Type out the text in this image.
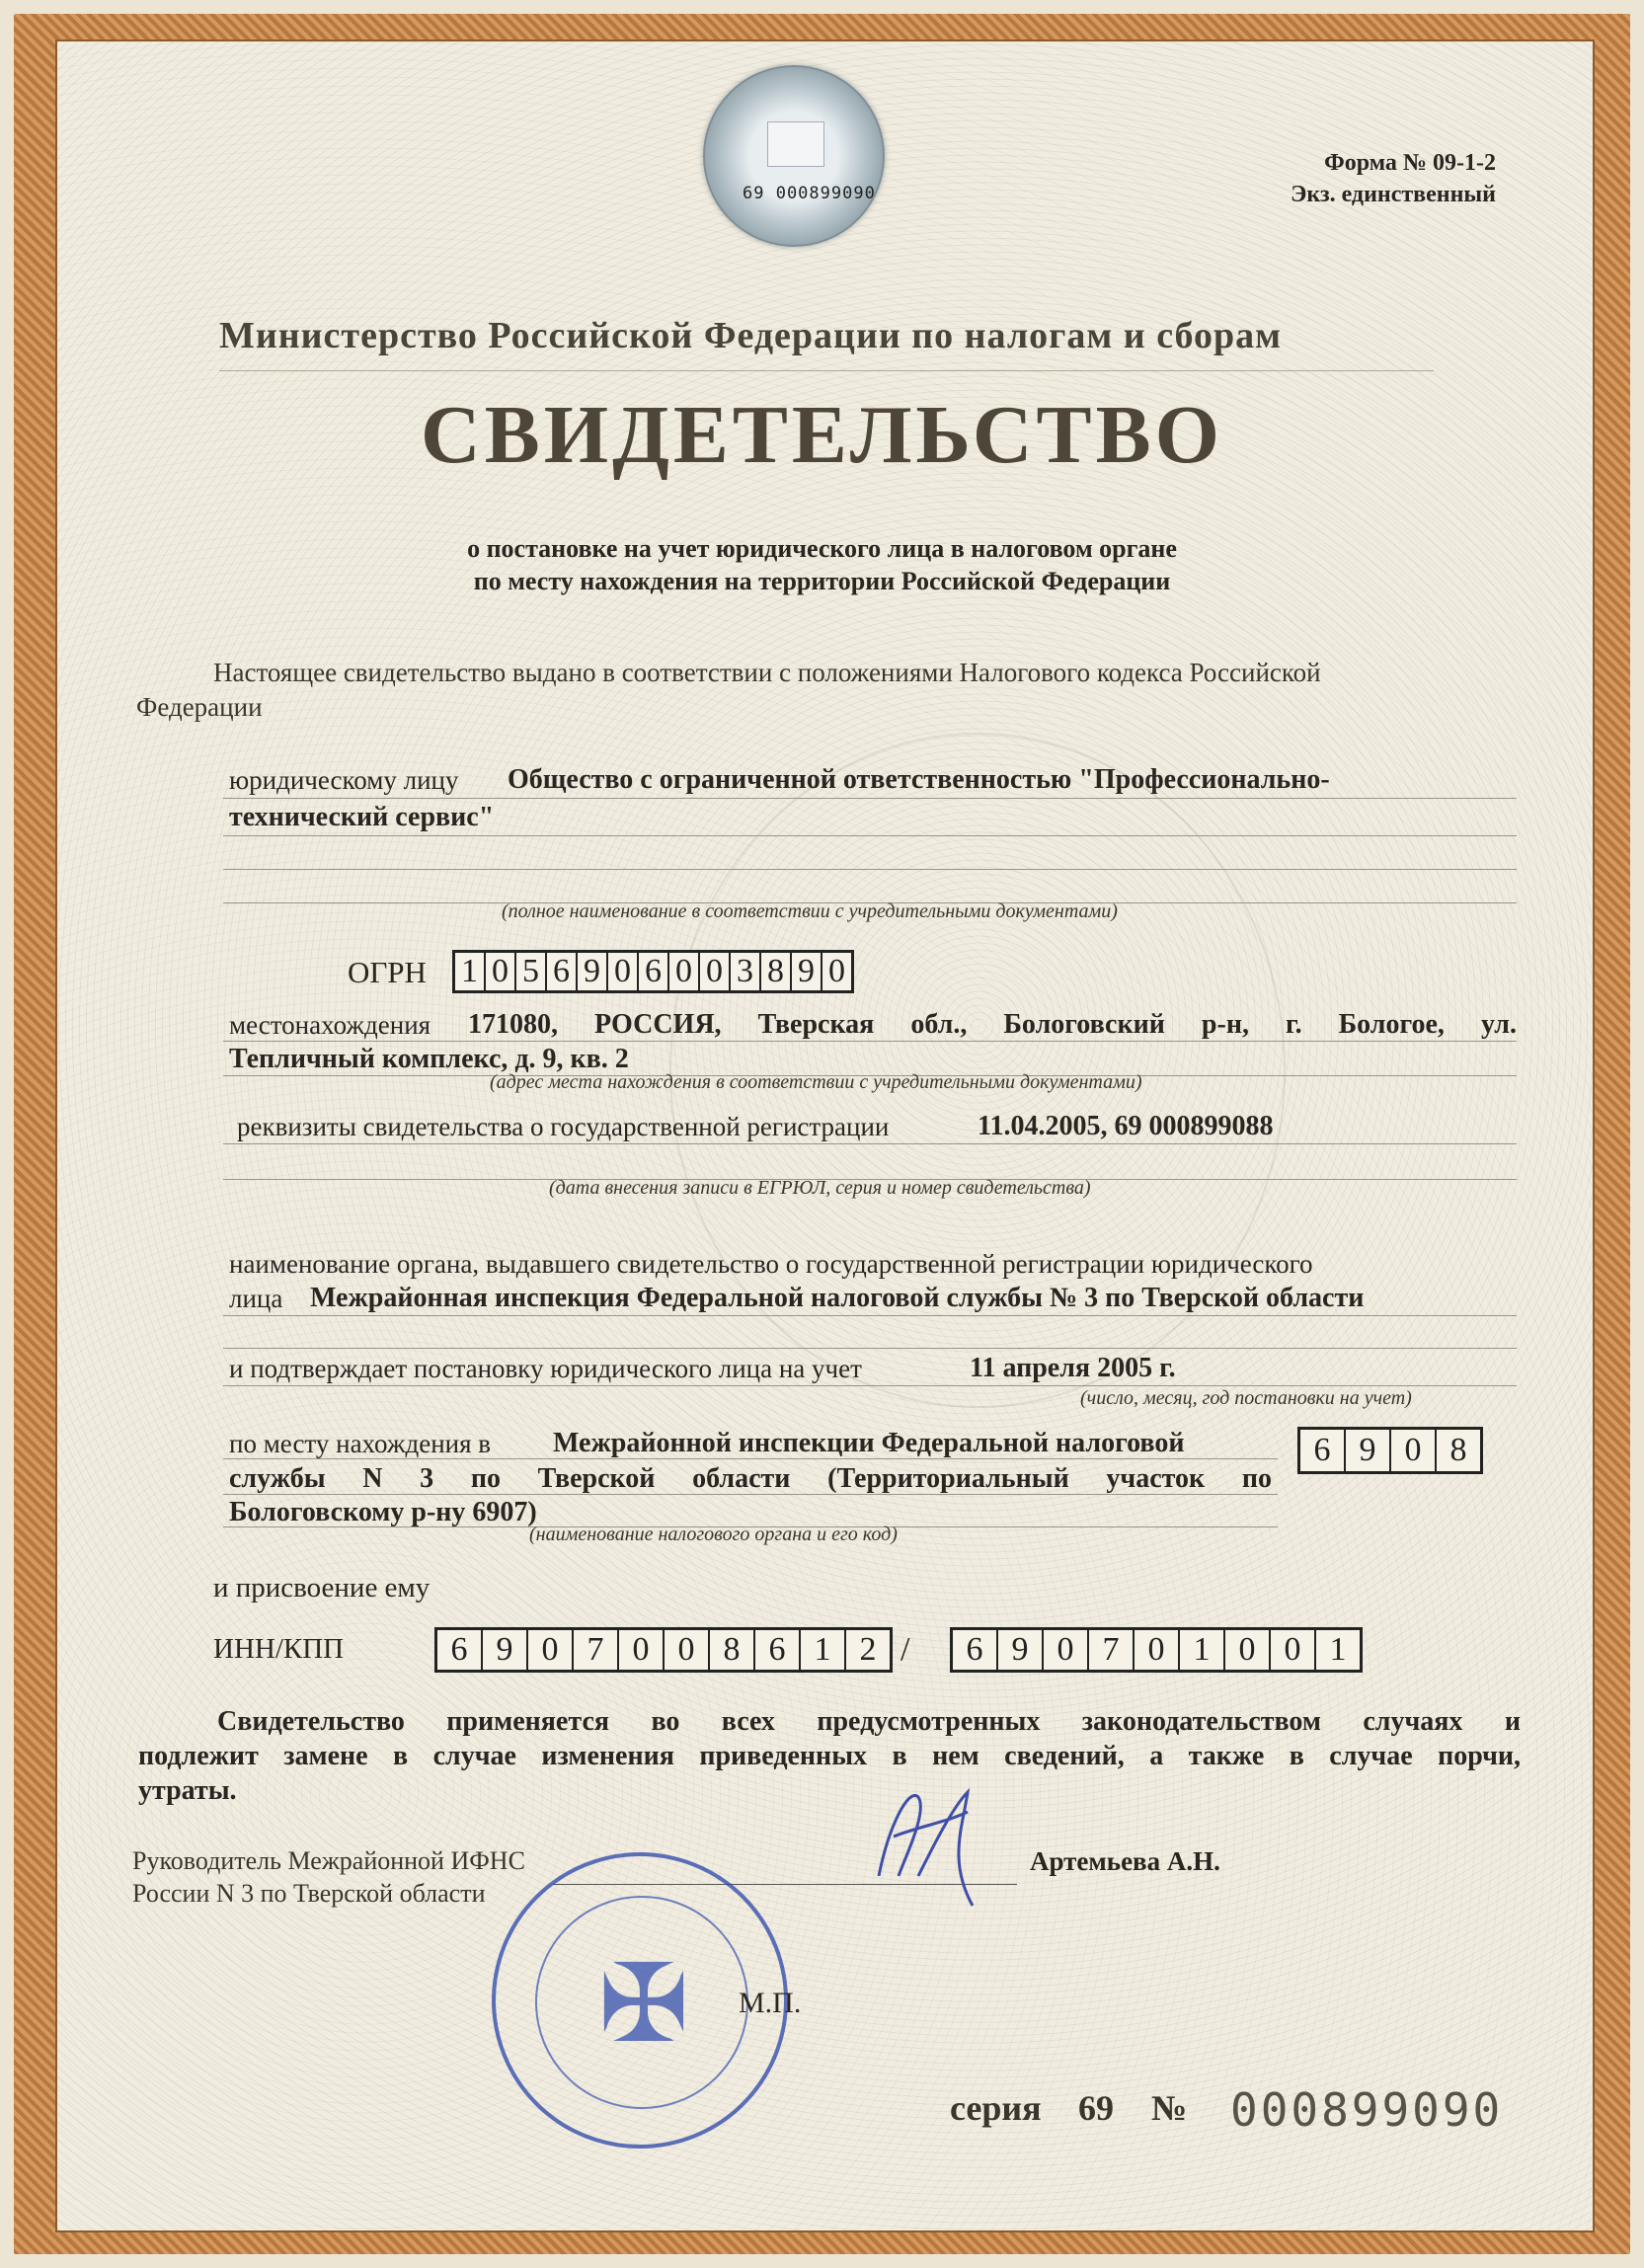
69 000899090
Форма № 09-1-2
Экз. единственный
Министерство Российской Федерации по налогам и сборам
СВИДЕТЕЛЬСТВО
о постановке на учет юридического лица в налоговом органе
по месту нахождения на территории Российской Федерации
Настоящее свидетельство выдано в соответствии с положениями Налогового кодекса Российской
Федерации
юридическому лицу Общество с ограниченной ответственностью "Профессионально-
технический сервис"
(полное наименование в соответствии с учредительными документами)
ОГРН 1 0 5 6 9 0 6 0 0 3 8 9 0
местонахождения 171080, РОССИЯ, Тверская обл., Бологовский р-н, г. Бологое, ул.
Тепличный комплекс, д. 9, кв. 2
(адрес места нахождения в соответствии с учредительными документами)
реквизиты свидетельства о государственной регистрации	11.04.2005, 69 000899088
(дата внесения записи в ЕГРЮЛ, серия и номер свидетельства)
наименование органа, выдавшего свидетельство о государственной регистрации юридического
лица Межрайонная инспекция Федеральной налоговой службы № 3 по Тверской области
и подтверждает постановку юридического лица на учет	11 апреля 2005 г.
(число, месяц, год постановки на учет)
по месту нахождения в Межрайонной инспекции Федеральной налоговой
службы N 3 по Тверской области (Территориальный участок по
Бологовскому р-ну 6907)
(наименование налогового органа и его код)
6 9 0 8
и присвоение ему
ИНН/КПП	6 9 0 7 0 0 8 6 1 2 /	6 9 0 7 0 1 0 0 1
Свидетельство применяется во всех предусмотренных законодательством случаях и
подлежит замене в случае изменения приведенных в нем сведений, а также в случае порчи,
утраты.
Руководитель Межрайонной ИФНС
России N 3 по Тверской области
Артемьева А.Н.
✠	М.П.
серия 69 № 000899090
